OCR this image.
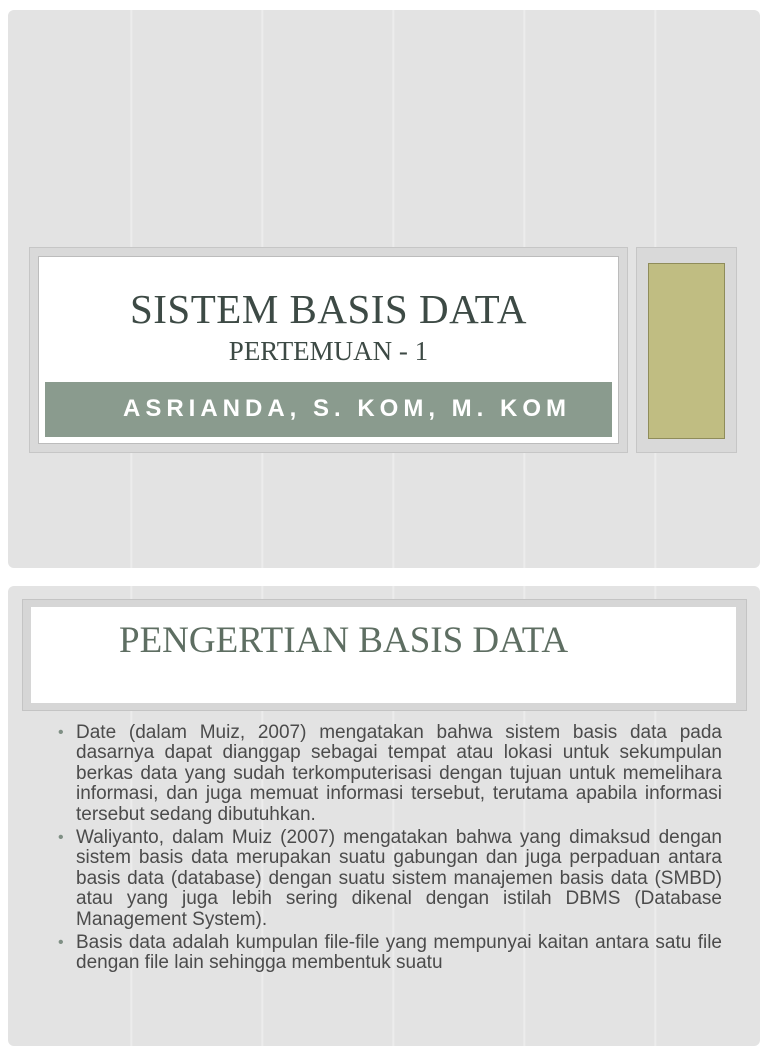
SISTEM BASIS DATA
PERTEMUAN - 1
ASRIANDA, S. KOM, M. KOM
PENGERTIAN BASIS DATA
• Date (dalam Muiz, 2007) mengatakan bahwa sistem basis data pada dasarnya dapat dianggap sebagai tempat atau lokasi untuk sekumpulan berkas data yang sudah terkomputerisasi dengan tujuan untuk memelihara informasi, dan juga memuat informasi tersebut, terutama apabila informasi tersebut sedang dibutuhkan.
• Waliyanto, dalam Muiz (2007) mengatakan bahwa yang dimaksud dengan sistem basis data merupakan suatu gabungan dan juga perpaduan antara basis data (database) dengan suatu sistem manajemen basis data (SMBD) atau yang juga lebih sering dikenal dengan istilah DBMS (Database Management System).
• Basis data adalah kumpulan file-file yang mempunyai kaitan antara satu file dengan file lain sehingga membentuk suatu
